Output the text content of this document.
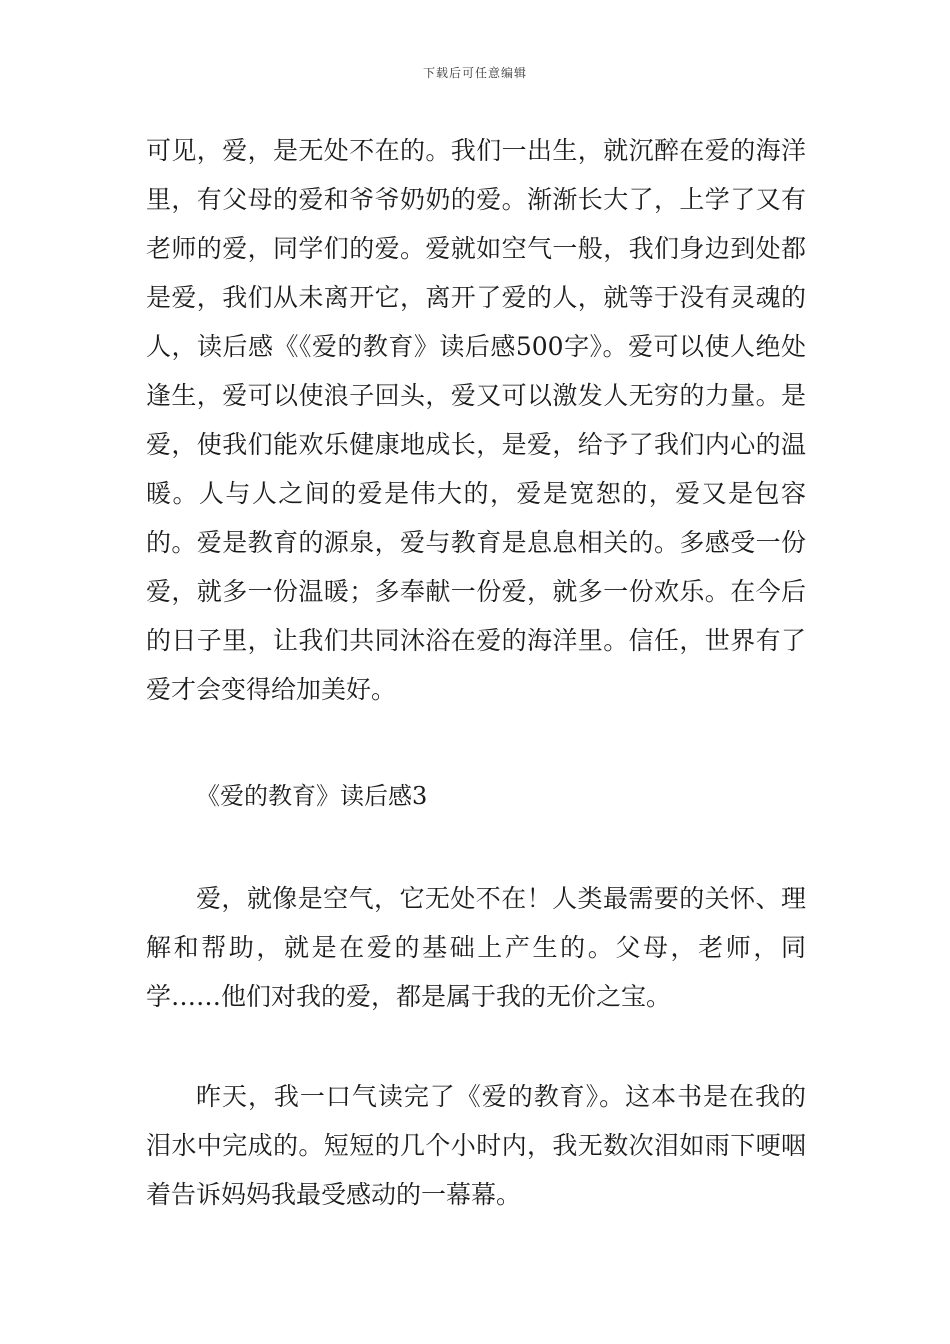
下载后可任意编辑
可见，爱，是无处不在的。我们一出生，就沉醉在爱的海洋里，有父母的爱和爷爷奶奶的爱。渐渐长大了，上学了又有老师的爱，同学们的爱。爱就如空气一般，我们身边到处都是爱，我们从未离开它，离开了爱的人，就等于没有灵魂的人，读后感《《爱的教育》读后感500字》。爱可以使人绝处逢生，爱可以使浪子回头，爱又可以激发人无穷的力量。是爱，使我们能欢乐健康地成长，是爱，给予了我们内心的温暖。人与人之间的爱是伟大的，爱是宽恕的，爱又是包容的。爱是教育的源泉，爱与教育是息息相关的。多感受一份爱，就多一份温暖；多奉献一份爱，就多一份欢乐。在今后的日子里，让我们共同沐浴在爱的海洋里。信任，世界有了爱才会变得给加美好。
《爱的教育》读后感3
爱，就像是空气，它无处不在！人类最需要的关怀、理解和帮助，就是在爱的基础上产生的。父母，老师，同学……他们对我的爱，都是属于我的无价之宝。
昨天，我一口气读完了《爱的教育》。这本书是在我的泪水中完成的。短短的几个小时内，我无数次泪如雨下哽咽着告诉妈妈我最受感动的一幕幕。
